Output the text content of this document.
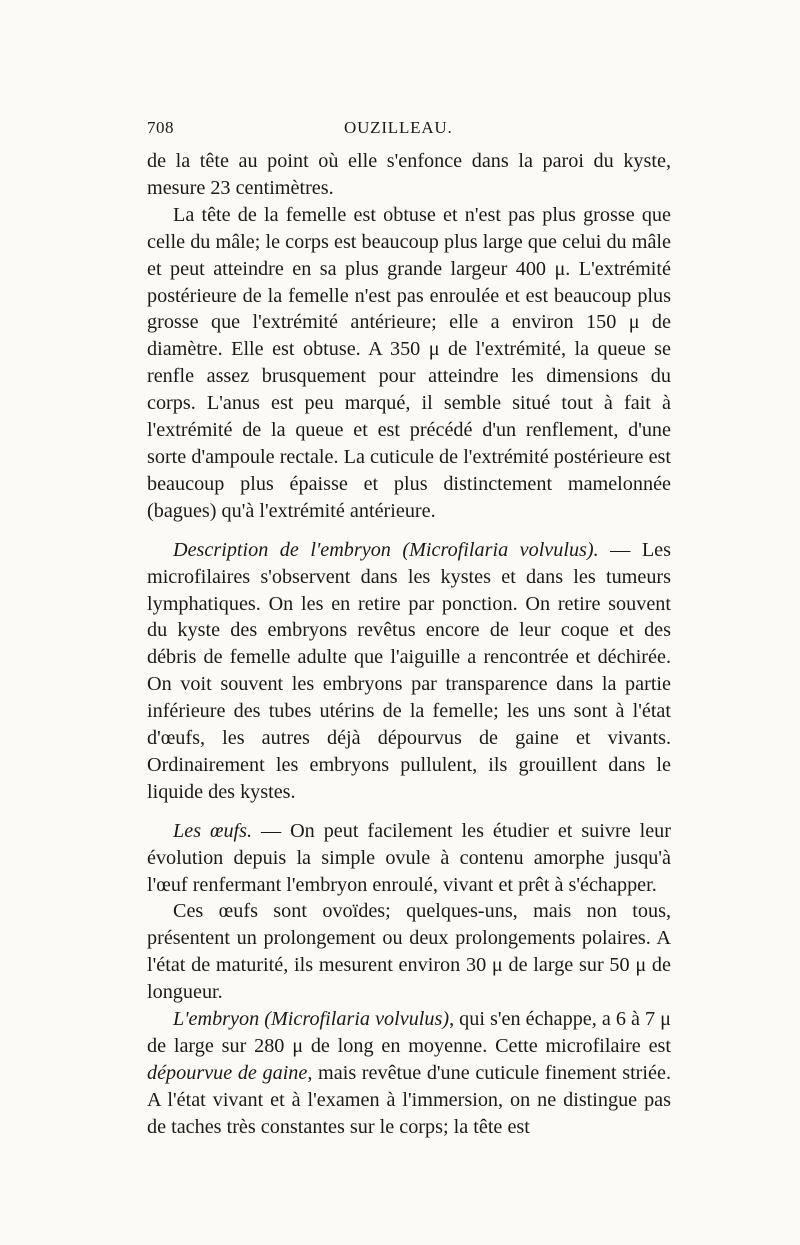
708	OUZILLEAU.

de la tête au point où elle s'enfonce dans la paroi du kyste, mesure 23 centimètres.

La tête de la femelle est obtuse et n'est pas plus grosse que celle du mâle; le corps est beaucoup plus large que celui du mâle et peut atteindre en sa plus grande largeur 400 μ. L'extrémité postérieure de la femelle n'est pas enroulée et est beaucoup plus grosse que l'extrémité antérieure; elle a environ 150 μ de diamètre. Elle est obtuse. A 350 μ de l'extrémité, la queue se renfle assez brusquement pour atteindre les dimensions du corps. L'anus est peu marqué, il semble situé tout à fait à l'extrémité de la queue et est précédé d'un renflement, d'une sorte d'ampoule rectale. La cuticule de l'extrémité postérieure est beaucoup plus épaisse et plus distinctement mamelonnée (bagues) qu'à l'extrémité antérieure.

Description de l'embryon (Microfilaria volvulus). — Les microfilaires s'observent dans les kystes et dans les tumeurs lymphatiques. On les en retire par ponction. On retire souvent du kyste des embryons revêtus encore de leur coque et des débris de femelle adulte que l'aiguille a rencontrée et déchirée. On voit souvent les embryons par transparence dans la partie inférieure des tubes utérins de la femelle; les uns sont à l'état d'œufs, les autres déjà dépourvus de gaine et vivants. Ordinairement les embryons pullulent, ils grouillent dans le liquide des kystes.

Les œufs. — On peut facilement les étudier et suivre leur évolution depuis la simple ovule à contenu amorphe jusqu'à l'œuf renfermant l'embryon enroulé, vivant et prêt à s'échapper.

Ces œufs sont ovoïdes; quelques-uns, mais non tous, présentent un prolongement ou deux prolongements polaires. A l'état de maturité, ils mesurent environ 30 μ de large sur 50 μ de longueur.

L'embryon (Microfilaria volvulus), qui s'en échappe, a 6 à 7 μ de large sur 280 μ de long en moyenne. Cette microfilaire est dépourvue de gaine, mais revêtue d'une cuticule finement striée. A l'état vivant et à l'examen à l'immersion, on ne distingue pas de taches très constantes sur le corps; la tête est
